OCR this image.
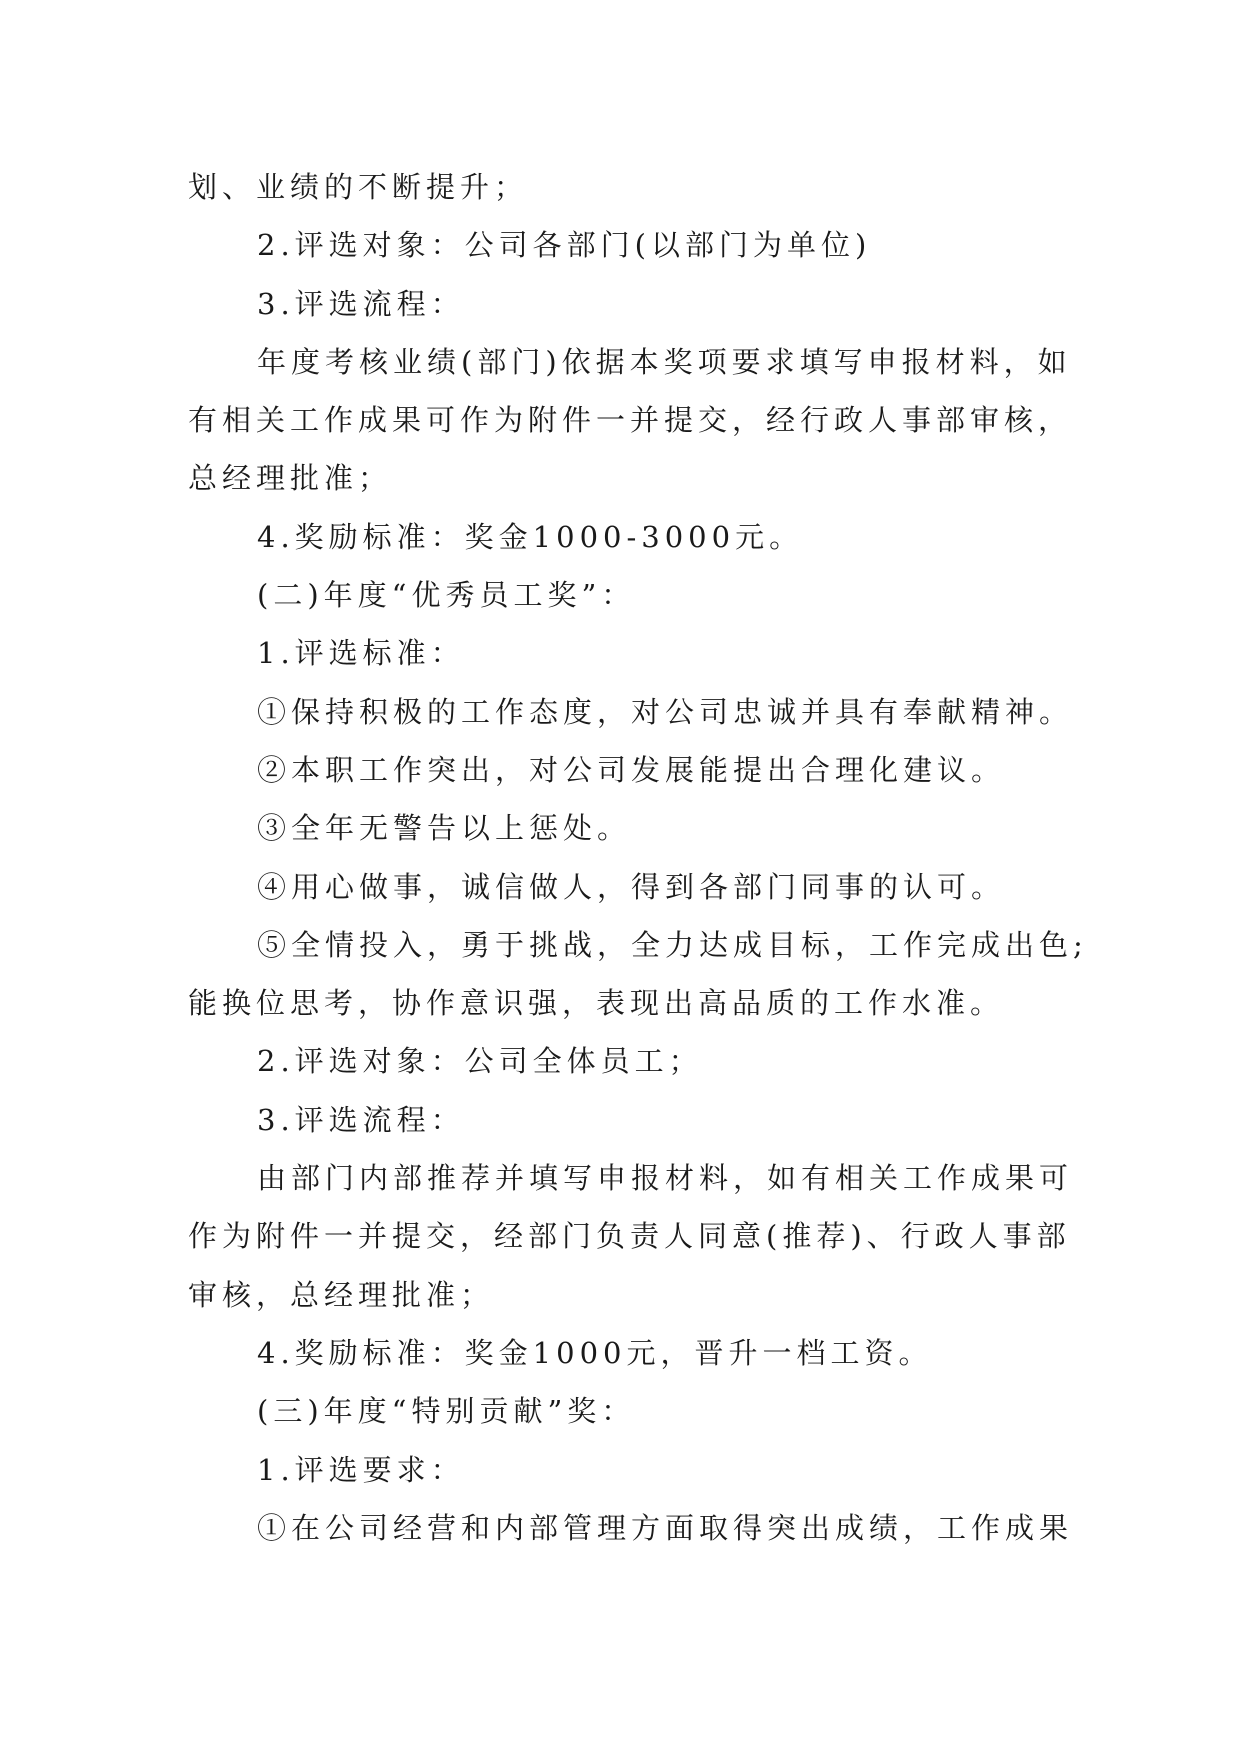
划、业绩的不断提升；
2.评选对象：公司各部门(以部门为单位)
3.评选流程：
年度考核业绩(部门)依据本奖项要求填写申报材料，如
有相关工作成果可作为附件一并提交，经行政人事部审核，
总经理批准；
4.奖励标准：奖金1000-3000元。
(二)年度“优秀员工奖”：
1.评选标准：
①保持积极的工作态度，对公司忠诚并具有奉献精神。
②本职工作突出，对公司发展能提出合理化建议。
③全年无警告以上惩处。
④用心做事，诚信做人，得到各部门同事的认可。
⑤全情投入，勇于挑战，全力达成目标，工作完成出色;
能换位思考，协作意识强，表现出高品质的工作水准。
2.评选对象：公司全体员工；
3.评选流程：
由部门内部推荐并填写申报材料，如有相关工作成果可
作为附件一并提交，经部门负责人同意(推荐)、行政人事部
审核，总经理批准；
4.奖励标准：奖金1000元，晋升一档工资。
(三)年度“特别贡献”奖：
1.评选要求：
①在公司经营和内部管理方面取得突出成绩，工作成果
